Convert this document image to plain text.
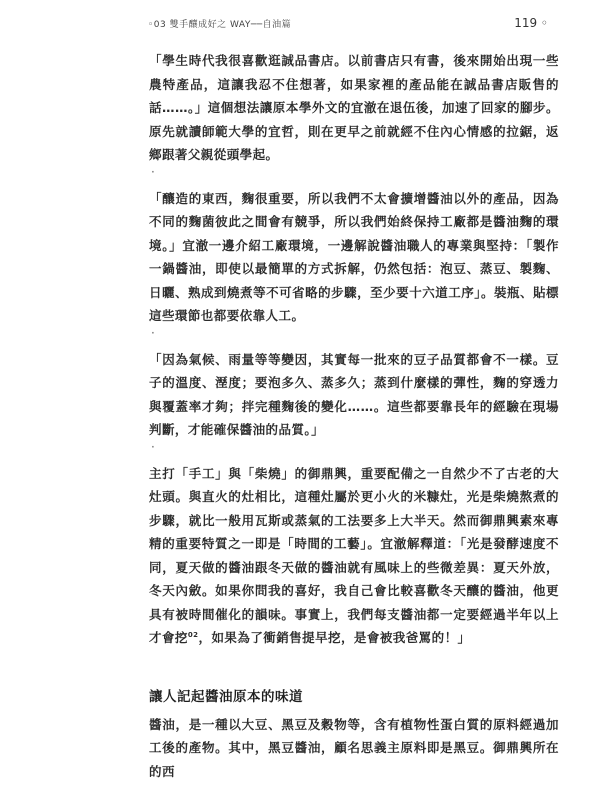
◦03 雙手釀成好之 WAY──自油篇	119 ◦

「學生時代我很喜歡逛誠品書店。以前書店只有書，後來開始出現一些農特產品，這讓我忍不住想著，如果家裡的產品能在誠品書店販售的話……。」這個想法讓原本學外文的宜澈在退伍後，加速了回家的腳步。原先就讀師範大學的宜哲，則在更早之前就經不住內心情感的拉鋸，返鄉跟著父親從頭學起。

·

「釀造的東西，麴很重要，所以我們不太會擴增醬油以外的產品，因為不同的麴菌彼此之間會有競爭，所以我們始終保持工廠都是醬油麴的環境。」宜澈一邊介紹工廠環境，一邊解說醬油職人的專業與堅持：「製作一鍋醬油，即使以最簡單的方式拆解，仍然包括：泡豆、蒸豆、製麴、日曬、熟成到燒煮等不可省略的步驟，至少要十六道工序」。裝瓶、貼標這些環節也都要依靠人工。

·

「因為氣候、雨量等等變因，其實每一批來的豆子品質都會不一樣。豆子的溫度、溼度；要泡多久、蒸多久；蒸到什麼樣的彈性，麴的穿透力與覆蓋率才夠；拌完種麴後的變化……。這些都要靠長年的經驗在現場判斷，才能確保醬油的品質。」

·

主打「手工」與「柴燒」的御鼎興，重要配備之一自然少不了古老的大灶頭。與直火的灶相比，這種灶屬於更小火的米糠灶，光是柴燒熬煮的步驟，就比一般用瓦斯或蒸氣的工法要多上大半天。然而御鼎興素來專精的重要特質之一即是「時間的工藝」。宜澈解釋道：「光是發酵速度不同，夏天做的醬油跟冬天做的醬油就有風味上的些微差異：夏天外放，冬天內斂。如果你問我的喜好，我自己會比較喜歡冬天釀的醬油，他更具有被時間催化的韻味。事實上，我們每支醬油都一定要經過半年以上才會挖$^{02}$，如果為了衝銷售提早挖，是會被我爸罵的！」

讓人記起醬油原本的味道

醬油，是一種以大豆、黑豆及穀物等，含有植物性蛋白質的原料經過加工後的產物。其中，黑豆醬油，顧名思義主原料即是黑豆。御鼎興所在的西
